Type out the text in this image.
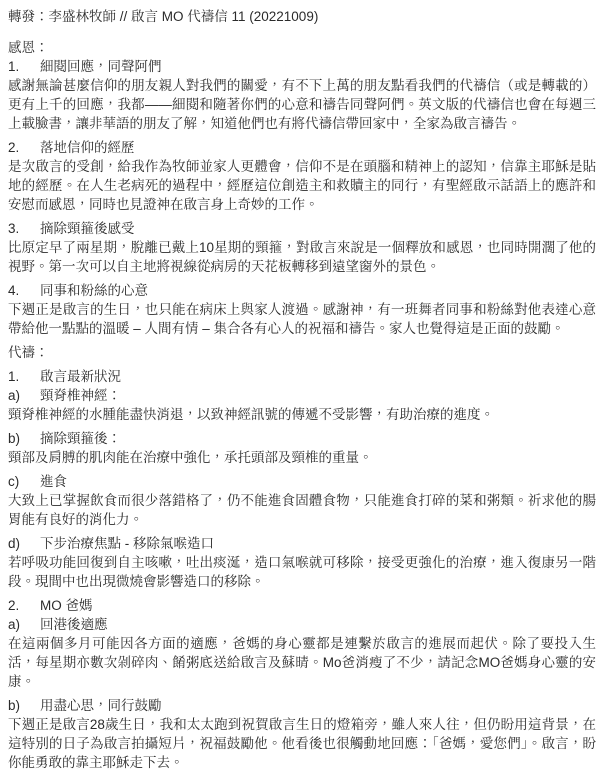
轉發：李盛林牧師 // 啟言 MO 代禱信 11 (20221009)
感恩：
1. 細閱回應，同聲阿們
感謝無論甚麼信仰的朋友親人對我們的關愛，有不下上萬的朋友點看我們的代禱信（或是轉載的）更有上千的回應，我都——細閱和隨著你們的心意和禱告同聲阿們。英文版的代禱信也會在每週三上載臉書，讓非華語的朋友了解，知道他們也有將代禱信帶回家中，全家為啟言禱告。
2. 落地信仰的經歷
是次啟言的受創，給我作為牧師並家人更體會，信仰不是在頭腦和精神上的認知，信靠主耶穌是貼地的經歷。在人生老病死的過程中，經歷這位創造主和救贖主的同行，有聖經啟示話語上的應許和安慰而感恩，同時也見證神在啟言身上奇妙的工作。
3. 摘除頸箍後感受
比原定早了兩星期，脫離已戴上10星期的頸箍，對啟言來說是一個釋放和感恩，也同時開濶了他的視野。第一次可以自主地將視線從病房的天花板轉移到遠望窗外的景色。
4. 同事和粉絲的心意
下週正是啟言的生日，也只能在病床上與家人渡過。感謝神，有一班舞者同事和粉絲對他表達心意帶給他一點點的溫暖 – 人間有情 – 集合各有心人的祝福和禱告。家人也覺得這是正面的鼓勵。
代禱：
1. 啟言最新狀況
a) 頸脊椎神經：
頸脊椎神經的水腫能盡快消退，以致神經訊號的傳遞不受影響，有助治療的進度。
b) 摘除頸箍後：
頸部及肩膊的肌肉能在治療中強化，承托頭部及頸椎的重量。
c) 進食
大致上已掌握飲食而很少落錯格了，仍不能進食固體食物，只能進食打碎的菜和粥類。祈求他的腸胃能有良好的消化力。
d) 下步治療焦點 - 移除氣喉造口
若呼吸功能回復到自主咳嗽，吐出痰涎，造口氣喉就可移除，接受更強化的治療，進入復康另一階段。現間中也出現微燒會影響造口的移除。
2. MO 爸媽
a) 回港後適應
在這兩個多月可能因各方面的適應，爸媽的身心靈都是連繫於啟言的進展而起伏。除了要投入生活，每星期亦數次剁碎肉、餚粥底送給啟言及蘇晴。Mo爸消瘦了不少，請記念MO爸媽身心靈的安康。
b) 用盡心思，同行鼓勵
下週正是啟言28歲生日，我和太太跑到祝賀啟言生日的燈箱旁，雖人來人往，但仍盼用這背景，在這特別的日子為啟言拍攝短片，祝福鼓勵他。他看後也很觸動地回應：「爸媽，愛您們」。啟言，盼你能勇敢的靠主耶穌走下去。
